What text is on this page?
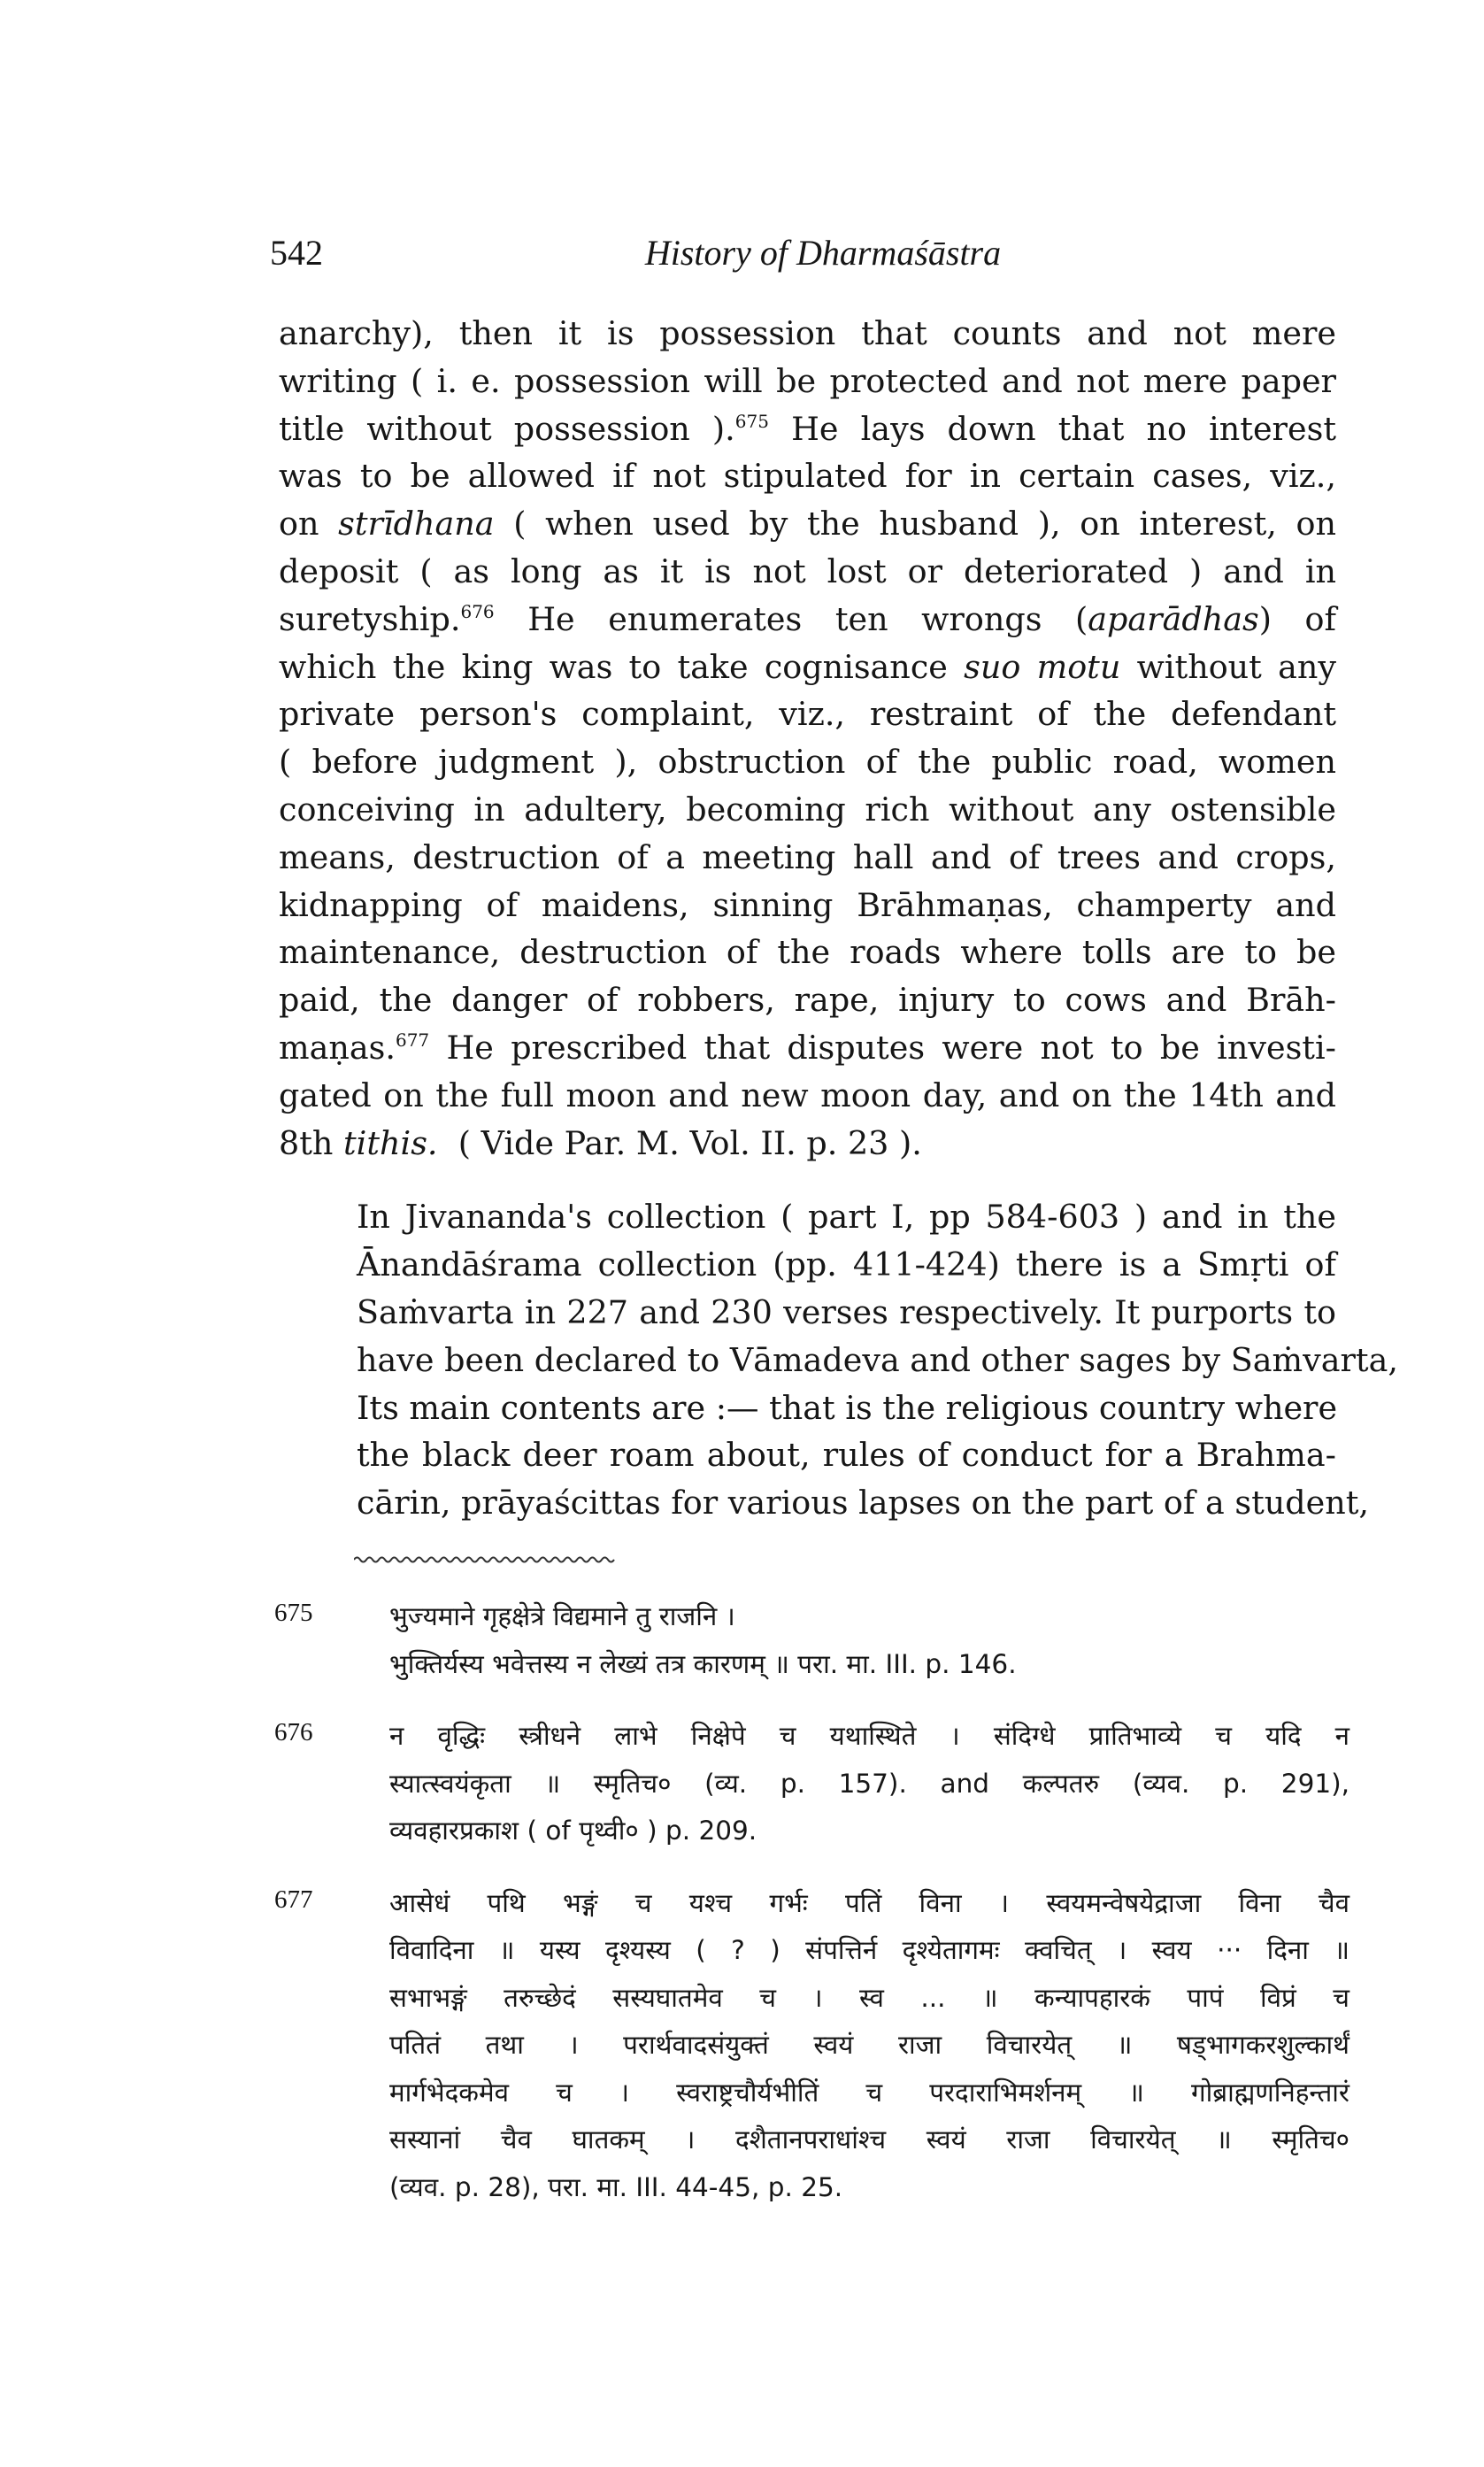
542	History of Dharmaśāstra

anarchy), then it is possession that counts and not mere
writing ( i. e. possession will be protected and not mere paper
title without possession ).$^{675}$ He lays down that no interest
was to be allowed if not stipulated for in certain cases, viz.,
on strīdhana ( when used by the husband ), on interest, on
deposit ( as long as it is not lost or deteriorated ) and in
suretyship.$^{676}$ He enumerates ten wrongs (aparādhas) of
which the king was to take cognisance suo motu without any
private person's complaint, viz., restraint of the defendant
( before judgment ), obstruction of the public road, women
conceiving in adultery, becoming rich without any ostensible
means, destruction of a meeting hall and of trees and crops,
kidnapping of maidens, sinning Brāhmaṇas, champerty and
maintenance, destruction of the roads where tolls are to be
paid, the danger of robbers, rape, injury to cows and Brāh-
maṇas.$^{677}$ He prescribed that disputes were not to be investi-
gated on the full moon and new moon day, and on the 14th and
8th tithis. ( Vide Par. M. Vol. II. p. 23 ).

In Jivananda's collection ( part I, pp 584-603 ) and in the
Ānandāśrama collection (pp. 411-424) there is a Smṛti of
Saṁvarta in 227 and 230 verses respectively. It purports to
have been declared to Vāmadeva and other sages by Saṁvarta,
Its main contents are :— that is the religious country where
the black deer roam about, rules of conduct for a Brahma-
cārin, prāyaścittas for various lapses on the part of a student,

675	भुज्यमाने गृहक्षेत्रे विद्यमाने तु राजनि ।
भुक्तिर्यस्य भवेत्तस्य न लेख्यं तत्र कारणम् ॥ परा. मा. III. p. 146.
676	न वृद्धिः स्त्रीधने लाभे निक्षेपे च यथास्थिते । संदिग्धे प्रातिभाव्ये च यदि न
स्यात्स्वयंकृता ॥ स्मृतिच० (व्य. p. 157). and कल्पतरु (व्यव. p. 291),
व्यवहारप्रकाश ( of पृथ्वी० ) p. 209.
677	आसेधं पथि भङ्गं च यश्च गर्भः पतिं विना । स्वयमन्वेषयेद्राजा विना चैव
विवादिना ॥ यस्य दृश्यस्य ( ? ) संपत्तिर्न दृश्येतागमः क्वचित् । स्वय ··· दिना ॥
सभाभङ्गं तरुच्छेदं सस्यघातमेव च । स्व ... ॥ कन्यापहारकं पापं विप्रं च
पतितं तथा । परार्थवादसंयुक्तं स्वयं राजा विचारयेत् ॥ षड्भागकरशुल्कार्थं
मार्गभेदकमेव च । स्वराष्ट्रचौर्यभीतिं च परदाराभिमर्शनम् ॥ गोब्राह्मणनिहन्तारं
सस्यानां चैव घातकम् । दशैतानपराधांश्च स्वयं राजा विचारयेत् ॥ स्मृतिच०
(व्यव. p. 28), परा. मा. III. 44-45, p. 25.
